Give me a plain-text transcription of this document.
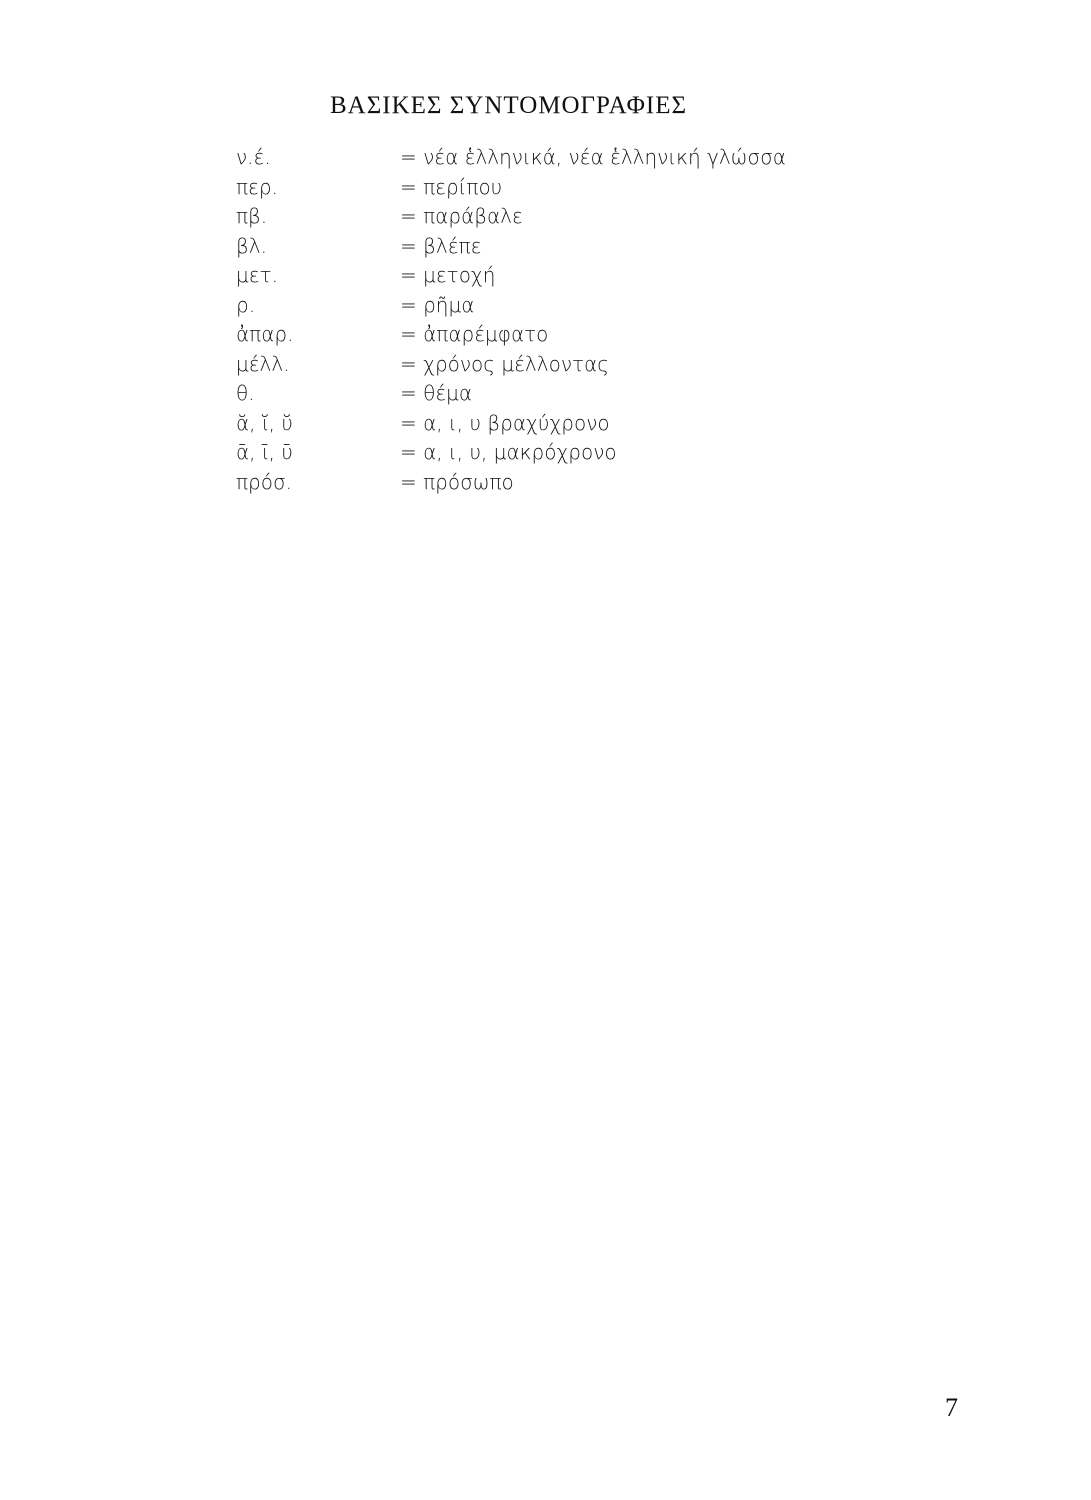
ΒΑΣΙΚΕΣ ΣΥΝΤΟΜΟΓΡΑΦΙΕΣ
ν.έ.	= νέα ἑλληνικά, νέα ἑλληνική γλώσσα
περ.	= περίπου
πβ.	= παράβαλε
βλ.	= βλέπε
μετ.	= μετοχή
ρ.	= ρῆμα
ἀπαρ.	= ἀπαρέμφατο
μέλλ.	= χρόνος μέλλοντας
θ.	= θέμα
ᾰ, ῐ, ῠ	= α, ι, υ βραχύχρονο
ᾱ, ῑ, ῡ	= α, ι, υ, μακρόχρονο
πρόσ.	= πρόσωπο
7
